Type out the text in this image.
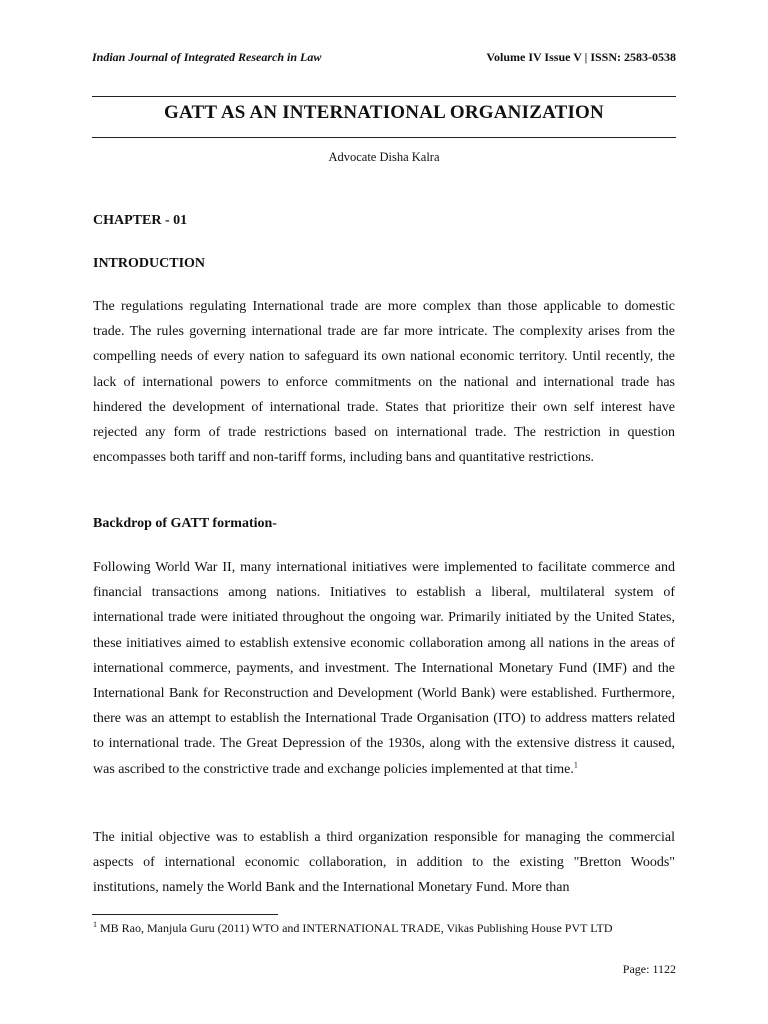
Indian Journal of Integrated Research in Law	Volume IV Issue V | ISSN: 2583-0538
GATT AS AN INTERNATIONAL ORGANIZATION
Advocate Disha Kalra
CHAPTER - 01
INTRODUCTION

The regulations regulating International trade are more complex than those applicable to domestic trade. The rules governing international trade are far more intricate. The complexity arises from the compelling needs of every nation to safeguard its own national economic territory. Until recently, the lack of international powers to enforce commitments on the national and international trade has hindered the development of international trade. States that prioritize their own self interest have rejected any form of trade restrictions based on international trade. The restriction in question encompasses both tariff and non-tariff forms, including bans and quantitative restrictions.

Backdrop of GATT formation-

Following World War II, many international initiatives were implemented to facilitate commerce and financial transactions among nations. Initiatives to establish a liberal, multilateral system of international trade were initiated throughout the ongoing war. Primarily initiated by the United States, these initiatives aimed to establish extensive economic collaboration among all nations in the areas of international commerce, payments, and investment. The International Monetary Fund (IMF) and the International Bank for Reconstruction and Development (World Bank) were established. Furthermore, there was an attempt to establish the International Trade Organisation (ITO) to address matters related to international trade. The Great Depression of the 1930s, along with the extensive distress it caused, was ascribed to the constrictive trade and exchange policies implemented at that time.$^1$

The initial objective was to establish a third organization responsible for managing the commercial aspects of international economic collaboration, in addition to the existing "Bretton Woods" institutions, namely the World Bank and the International Monetary Fund. More than

$^1$ MB Rao, Manjula Guru (2011) WTO and INTERNATIONAL TRADE, Vikas Publishing House PVT LTD
Page: 1122
